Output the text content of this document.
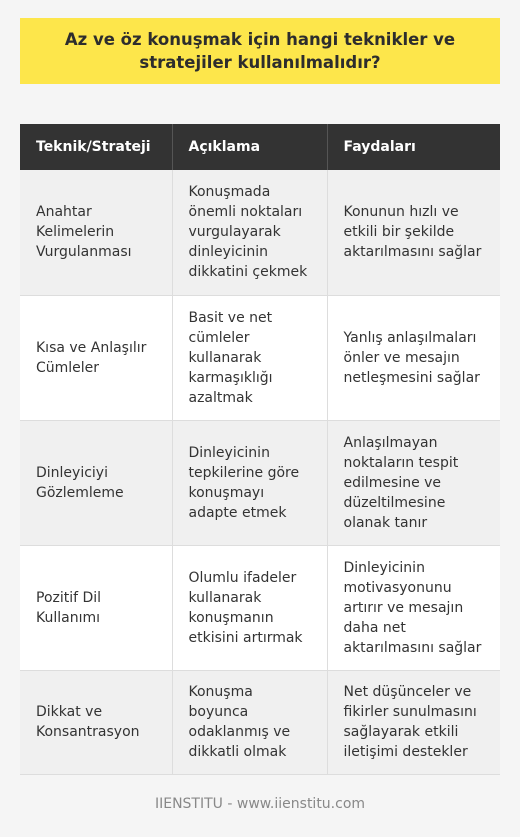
Az ve öz konuşmak için hangi teknikler ve stratejiler kullanılmalıdır?
Teknik/Strateji	Açıklama	Faydaları
Anahtar Kelimelerin Vurgulanması	Konuşmada önemli noktaları vurgulayarak dinleyicinin dikkatini çekmek	Konunun hızlı ve etkili bir şekilde aktarılmasını sağlar
Kısa ve Anlaşılır Cümleler	Basit ve net cümleler kullanarak karmaşıklığı azaltmak	Yanlış anlaşılmaları önler ve mesajın netleşmesini sağlar
Dinleyiciyi Gözlemleme	Dinleyicinin tepkilerine göre konuşmayı adapte etmek	Anlaşılmayan noktaların tespit edilmesine ve düzeltilmesine olanak tanır
Pozitif Dil Kullanımı	Olumlu ifadeler kullanarak konuşmanın etkisini artırmak	Dinleyicinin motivasyonunu artırır ve mesajın daha net aktarılmasını sağlar
Dikkat ve Konsantrasyon	Konuşma boyunca odaklanmış ve dikkatli olmak	Net düşünceler ve fikirler sunulmasını sağlayarak etkili iletişimi destekler
IIENSTITU - www.iienstitu.com
